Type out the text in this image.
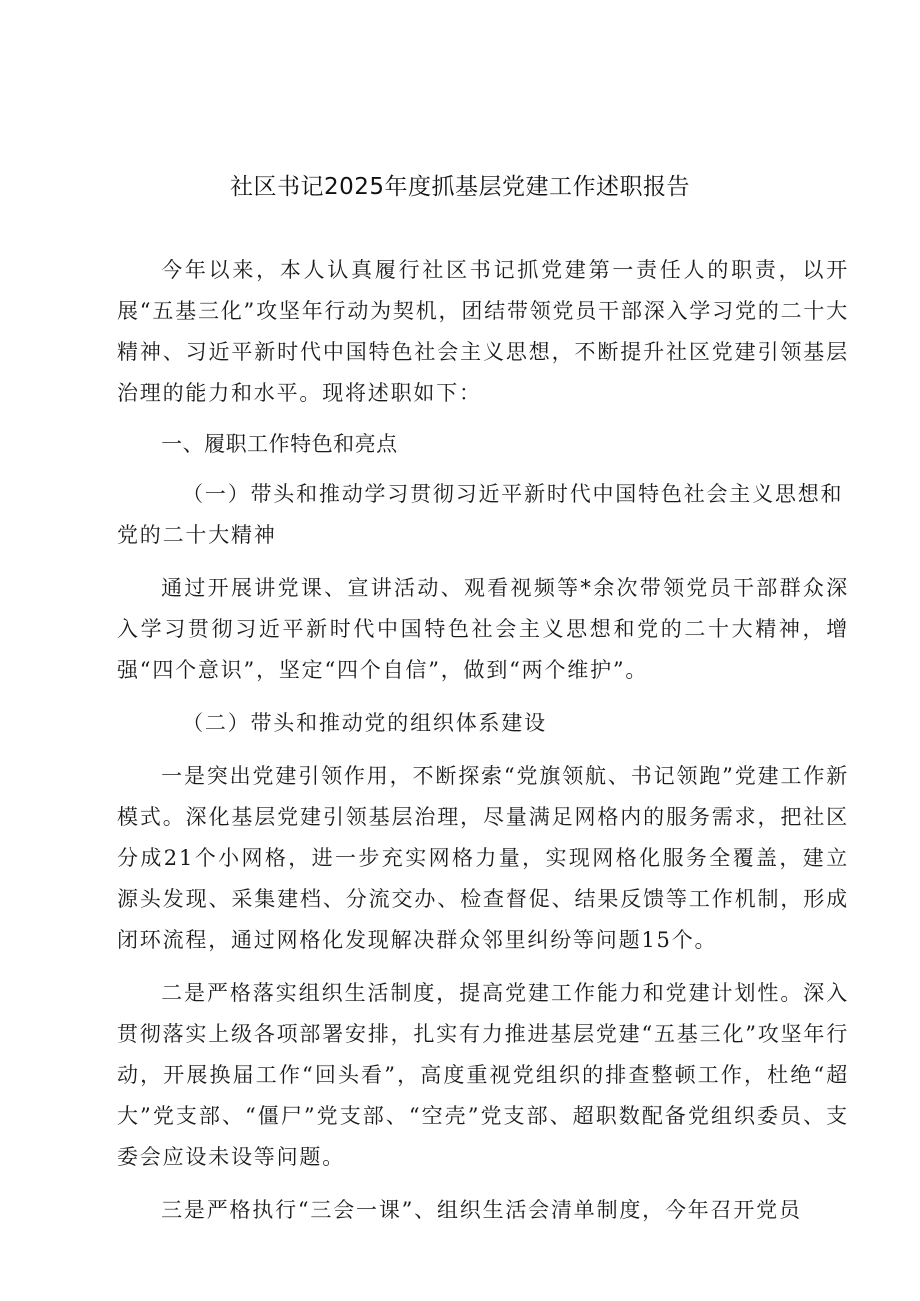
社区书记2025年度抓基层党建工作述职报告

今年以来，本人认真履行社区书记抓党建第一责任人的职责，以开展“五基三化”攻坚年行动为契机，团结带领党员干部深入学习党的二十大精神、习近平新时代中国特色社会主义思想，不断提升社区党建引领基层治理的能力和水平。现将述职如下：

一、履职工作特色和亮点

（一）带头和推动学习贯彻习近平新时代中国特色社会主义思想和党的二十大精神

通过开展讲党课、宣讲活动、观看视频等*余次带领党员干部群众深入学习贯彻习近平新时代中国特色社会主义思想和党的二十大精神，增强“四个意识”，坚定“四个自信”，做到“两个维护”。

（二）带头和推动党的组织体系建设

一是突出党建引领作用，不断探索“党旗领航、书记领跑”党建工作新模式。深化基层党建引领基层治理，尽量满足网格内的服务需求，把社区分成21个小网格，进一步充实网格力量，实现网格化服务全覆盖，建立源头发现、采集建档、分流交办、检查督促、结果反馈等工作机制，形成闭环流程，通过网格化发现解决群众邻里纠纷等问题15个。

二是严格落实组织生活制度，提高党建工作能力和党建计划性。深入贯彻落实上级各项部署安排，扎实有力推进基层党建“五基三化”攻坚年行动，开展换届工作“回头看”，高度重视党组织的排查整顿工作，杜绝“超大”党支部、“僵尸”党支部、“空壳”党支部、超职数配备党组织委员、支委会应设未设等问题。

三是严格执行“三会一课”、组织生活会清单制度，今年召开党员
